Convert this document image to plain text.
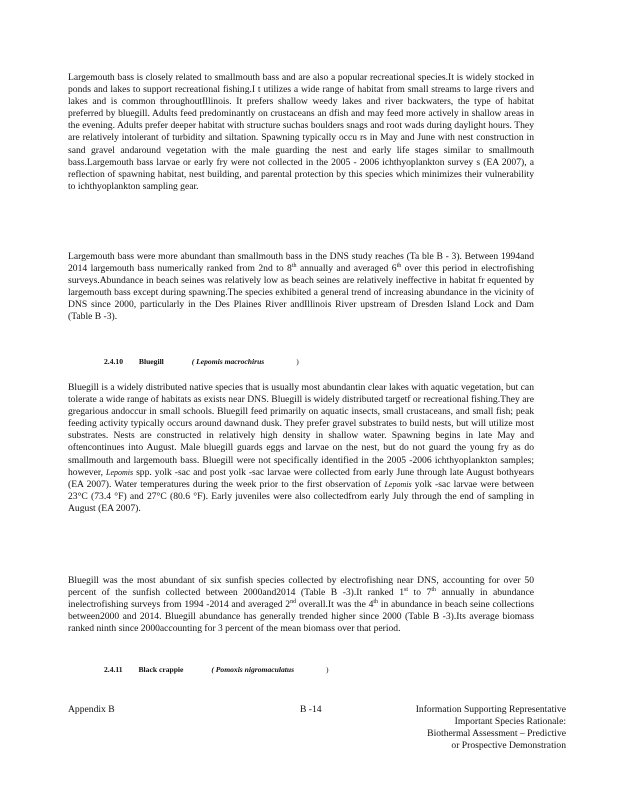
Largemouth bass is closely related to smallmouth bass and are also a popular recreational species.It is widely stocked in ponds and lakes to support recreational fishing.I t utilizes a wide range of habitat from small streams to large rivers and lakes and is common throughoutIllinois. It prefers shallow weedy lakes and river backwaters, the type of habitat preferred by bluegill. Adults feed predominantly on crustaceans an dfish and may feed more actively in shallow areas in the evening. Adults prefer deeper habitat with structure suchas boulders snags and root wads during daylight hours. They are relatively intolerant of turbidity and siltation. Spawning typically occu rs in May and June with nest construction in sand gravel andaround vegetation with the male guarding the nest and early life stages similar to smallmouth bass.Largemouth bass larvae or early fry were not collected in the 2005 - 2006 ichthyoplankton survey s (EA 2007), a reflection of spawning habitat, nest building, and parental protection by this species which minimizes their vulnerability to ichthyoplankton sampling gear.

Largemouth bass were more abundant than smallmouth bass in the DNS study reaches (Ta ble B - 3). Between 1994and 2014 largemouth bass numerically ranked from 2nd to 8th annually and averaged 6th over this period in electrofishing surveys.Abundance in beach seines was relatively low as beach seines are relatively ineffective in habitat fr equented by largemouth bass except during spawning.The species exhibited a general trend of increasing abundance in the vicinity of DNS since 2000, particularly in the Des Plaines River andIllinois River upstream of Dresden Island Lock and Dam (Table B -3).

2.4.10 Bluegill	( Lepomis macrochirus	)

Bluegill is a widely distributed native species that is usually most abundantin clear lakes with aquatic vegetation, but can tolerate a wide range of habitats as exists near DNS. Bluegill is widely distributed targetf or recreational fishing.They are gregarious andoccur in small schools. Bluegill feed primarily on aquatic insects, small crustaceans, and small fish; peak feeding activity typically occurs around dawnand dusk. They prefer gravel substrates to build nests, but will utilize most substrates. Nests are constructed in relatively high density in shallow water. Spawning begins in late May and oftencontinues into August. Male bluegill guards eggs and larvae on the nest, but do not guard the young fry as do smallmouth and largemouth bass. Bluegill were not specifically identified in the 2005 -2006 ichthyoplankton samples; however, Lepomis spp. yolk -sac and post yolk -sac larvae were collected from early June through late August bothyears (EA 2007). Water temperatures during the week prior to the first observation of Lepomis yolk -sac larvae were between 23°C (73.4 °F) and 27°C (80.6 °F). Early juveniles were also collectedfrom early July through the end of sampling in August (EA 2007).

Bluegill was the most abundant of six sunfish species collected by electrofishing near DNS, accounting for over 50 percent of the sunfish collected between 2000and2014 (Table B -3).It ranked 1st to 7th annually in abundance inelectrofishing surveys from 1994 -2014 and averaged 2nd overall.It was the 4th in abundance in beach seine collections between2000 and 2014. Bluegill abundance has generally trended higher since 2000 (Table B -3).Its average biomass ranked ninth since 2000accounting for 3 percent of the mean biomass over that period.

2.4.11 Black crappie	( Pomoxis nigromaculatus	)
Appendix B	B -14	Information Supporting Representative
Important Species Rationale:
Biothermal Assessment – Predictive
or Prospective Demonstration
